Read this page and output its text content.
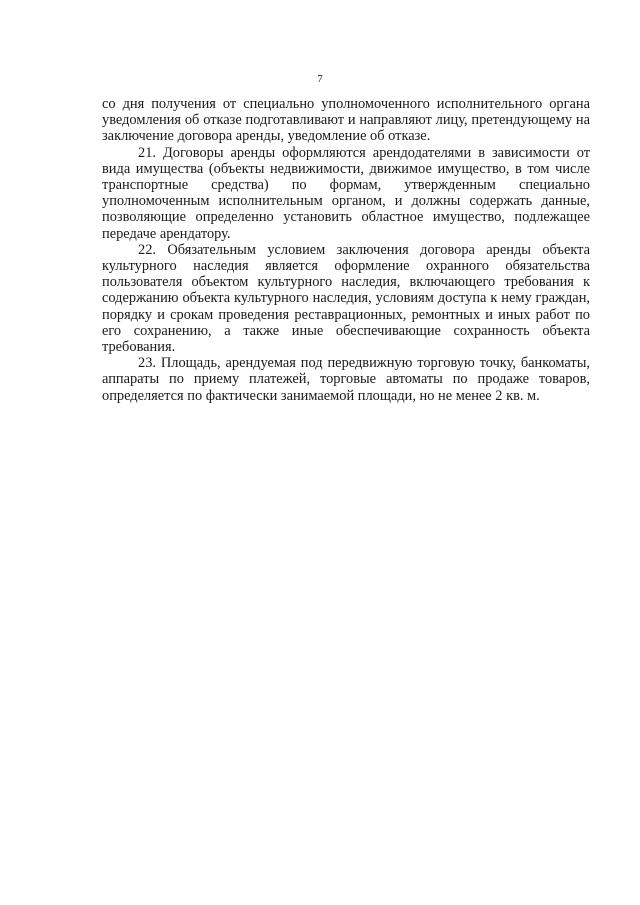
7

со дня получения от специально уполномоченного исполнительного органа уведомления об отказе подготавливают и направляют лицу, претендующему на заключение договора аренды, уведомление об отказе.

21. Договоры аренды оформляются арендодателями в зависимости от вида имущества (объекты недвижимости, движимое имущество, в том числе транспортные средства) по формам, утвержденным специально уполномоченным исполнительным органом, и должны содержать данные, позволяющие определенно установить областное имущество, подлежащее передаче арендатору.

22. Обязательным условием заключения договора аренды объекта культурного наследия является оформление охранного обязательства пользователя объектом культурного наследия, включающего требования к содержанию объекта культурного наследия, условиям доступа к нему граждан, порядку и срокам проведения реставрационных, ремонтных и иных работ по его сохранению, а также иные обеспечивающие сохранность объекта требования.

23. Площадь, арендуемая под передвижную торговую точку, банкоматы, аппараты по приему платежей, торговые автоматы по продаже товаров, определяется по фактически занимаемой площади, но не менее 2 кв. м.
